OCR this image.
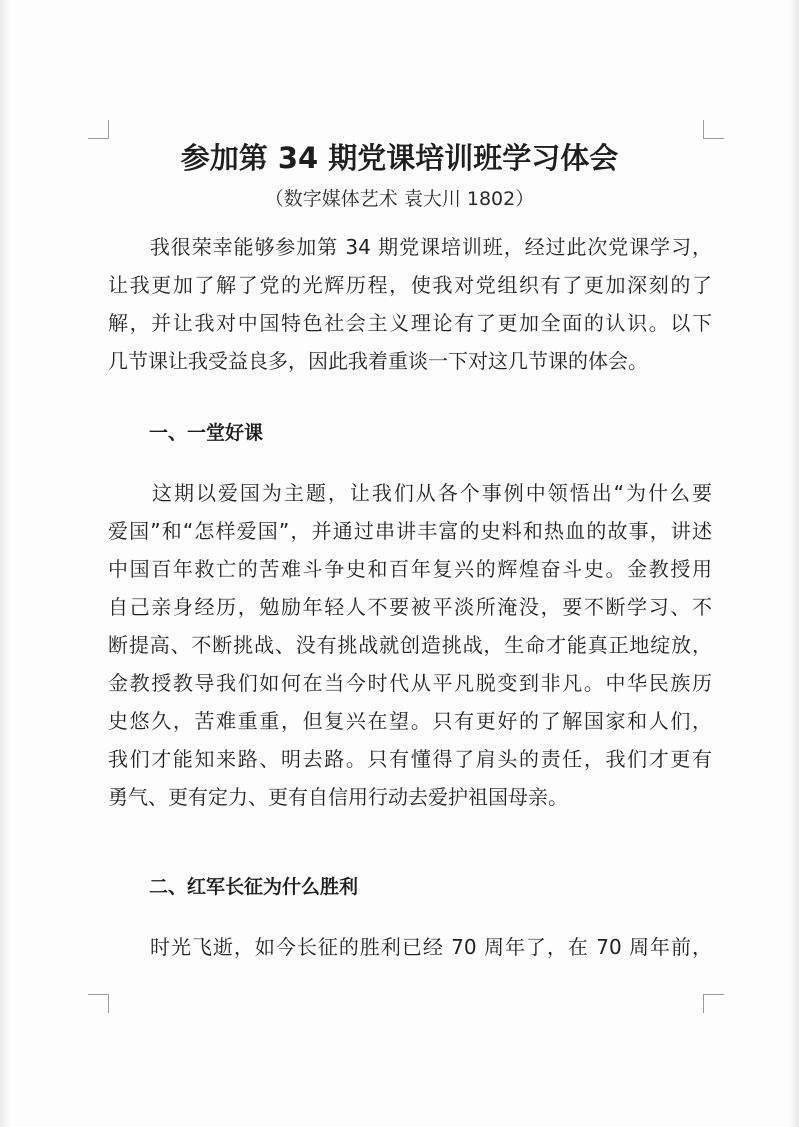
参加第 34 期党课培训班学习体会
（数字媒体艺术 袁大川 1802）
　　我很荣幸能够参加第 34 期党课培训班，经过此次党课学习，
让我更加了解了党的光辉历程，使我对党组织有了更加深刻的了
解，并让我对中国特色社会主义理论有了更加全面的认识。以下
几节课让我受益良多，因此我着重谈一下对这几节课的体会。
一、一堂好课
　　这期以爱国为主题，让我们从各个事例中领悟出“为什么要
爱国”和“怎样爱国”，并通过串讲丰富的史料和热血的故事，讲述
中国百年救亡的苦难斗争史和百年复兴的辉煌奋斗史。金教授用
自己亲身经历，勉励年轻人不要被平淡所淹没，要不断学习、不
断提高、不断挑战、没有挑战就创造挑战，生命才能真正地绽放，
金教授教导我们如何在当今时代从平凡脱变到非凡。中华民族历
史悠久，苦难重重，但复兴在望。只有更好的了解国家和人们，
我们才能知来路、明去路。只有懂得了肩头的责任，我们才更有
勇气、更有定力、更有自信用行动去爱护祖国母亲。
二、红军长征为什么胜利
　　时光飞逝，如今长征的胜利已经 70 周年了，在 70 周年前，
